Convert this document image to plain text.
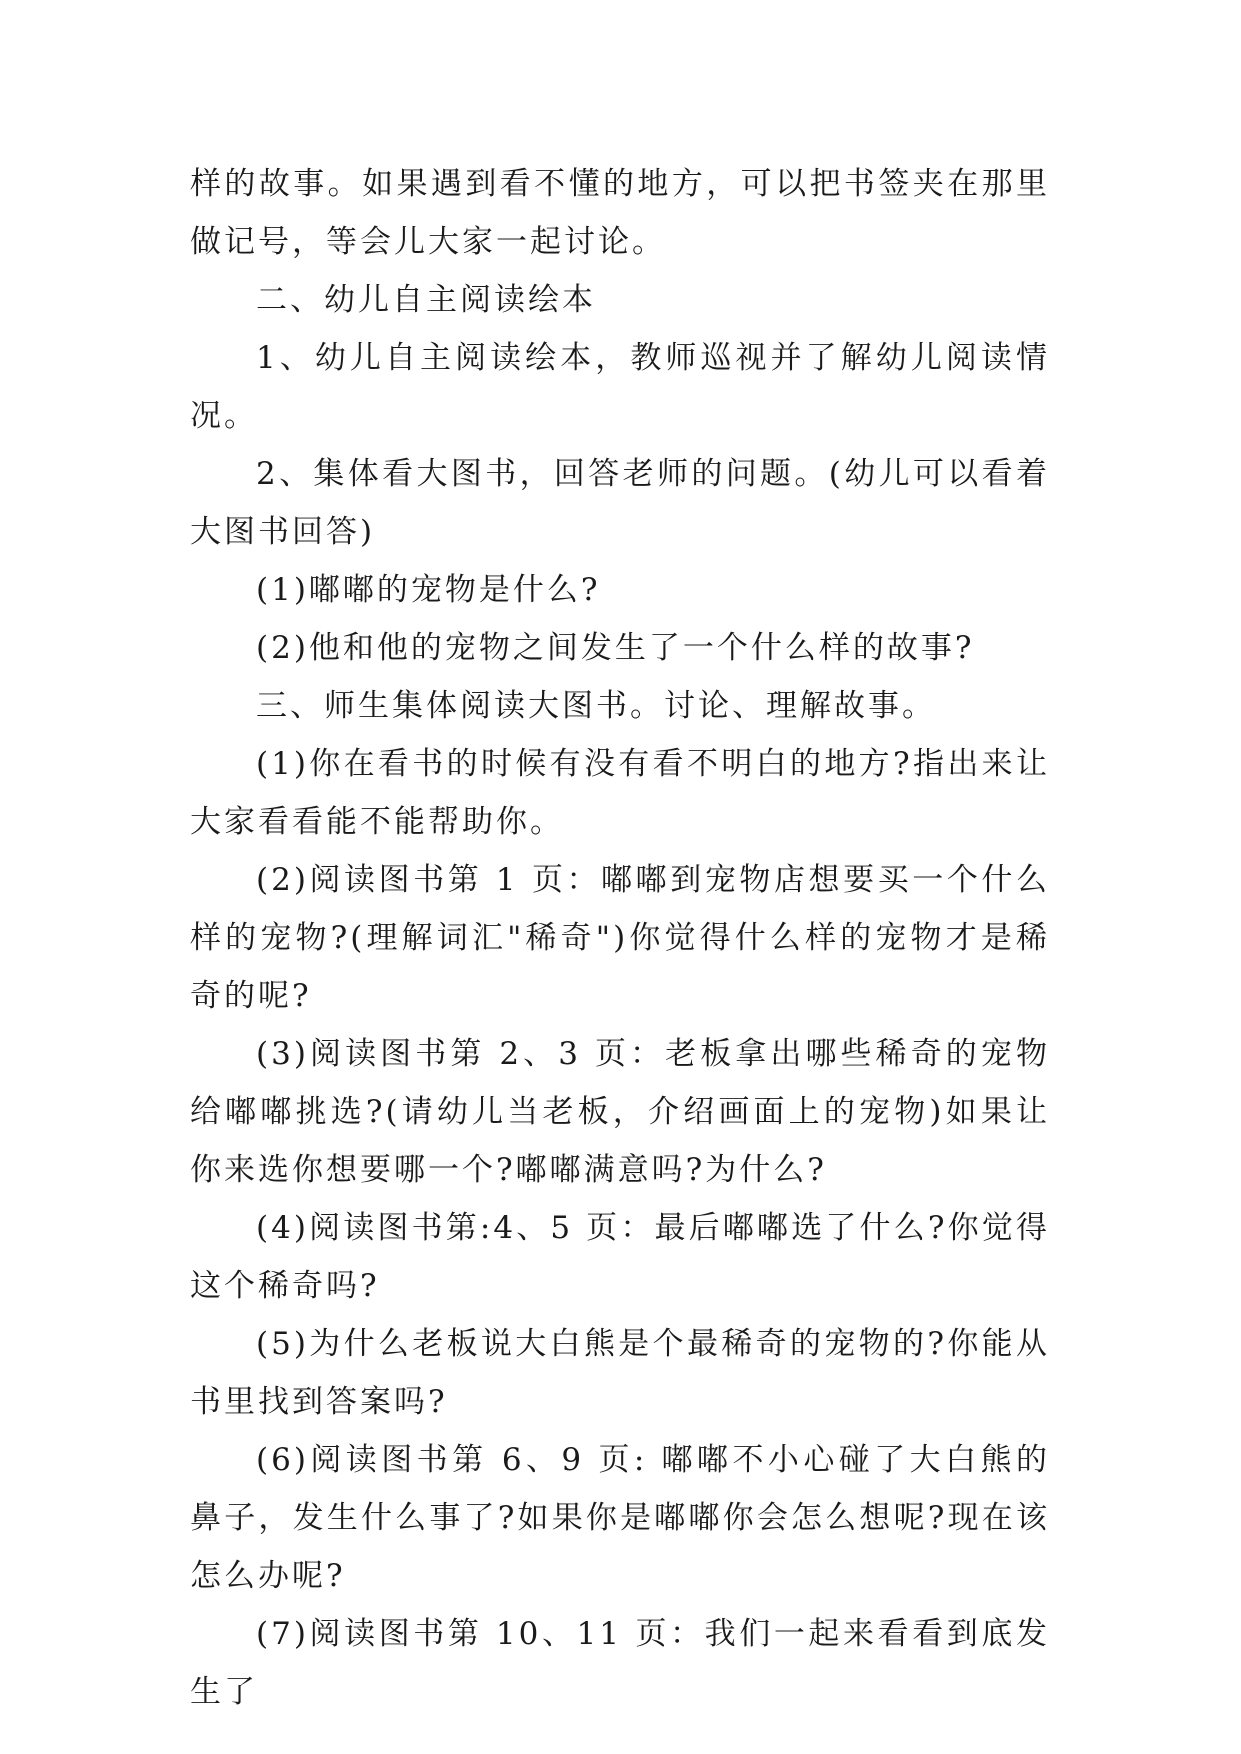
样的故事。如果遇到看不懂的地方，可以把书签夹在那里做记号，等会儿大家一起讨论。

二、幼儿自主阅读绘本

1、幼儿自主阅读绘本，教师巡视并了解幼儿阅读情况。

2、集体看大图书，回答老师的问题。(幼儿可以看着大图书回答)

(1)嘟嘟的宠物是什么?

(2)他和他的宠物之间发生了一个什么样的故事?

三、师生集体阅读大图书。讨论、理解故事。

(1)你在看书的时候有没有看不明白的地方?指出来让大家看看能不能帮助你。

(2)阅读图书第 1 页：嘟嘟到宠物店想要买一个什么样的宠物?(理解词汇"稀奇")你觉得什么样的宠物才是稀奇的呢?

(3)阅读图书第 2、3 页：老板拿出哪些稀奇的宠物给嘟嘟挑选?(请幼儿当老板，介绍画面上的宠物)如果让你来选你想要哪一个?嘟嘟满意吗?为什么?

(4)阅读图书第:4、5 页：最后嘟嘟选了什么?你觉得这个稀奇吗?

(5)为什么老板说大白熊是个最稀奇的宠物的?你能从书里找到答案吗?

(6)阅读图书第 6、9 页: 嘟嘟不小心碰了大白熊的鼻子，发生什么事了?如果你是嘟嘟你会怎么想呢?现在该怎么办呢?

(7)阅读图书第 10、11 页：我们一起来看看到底发生了
